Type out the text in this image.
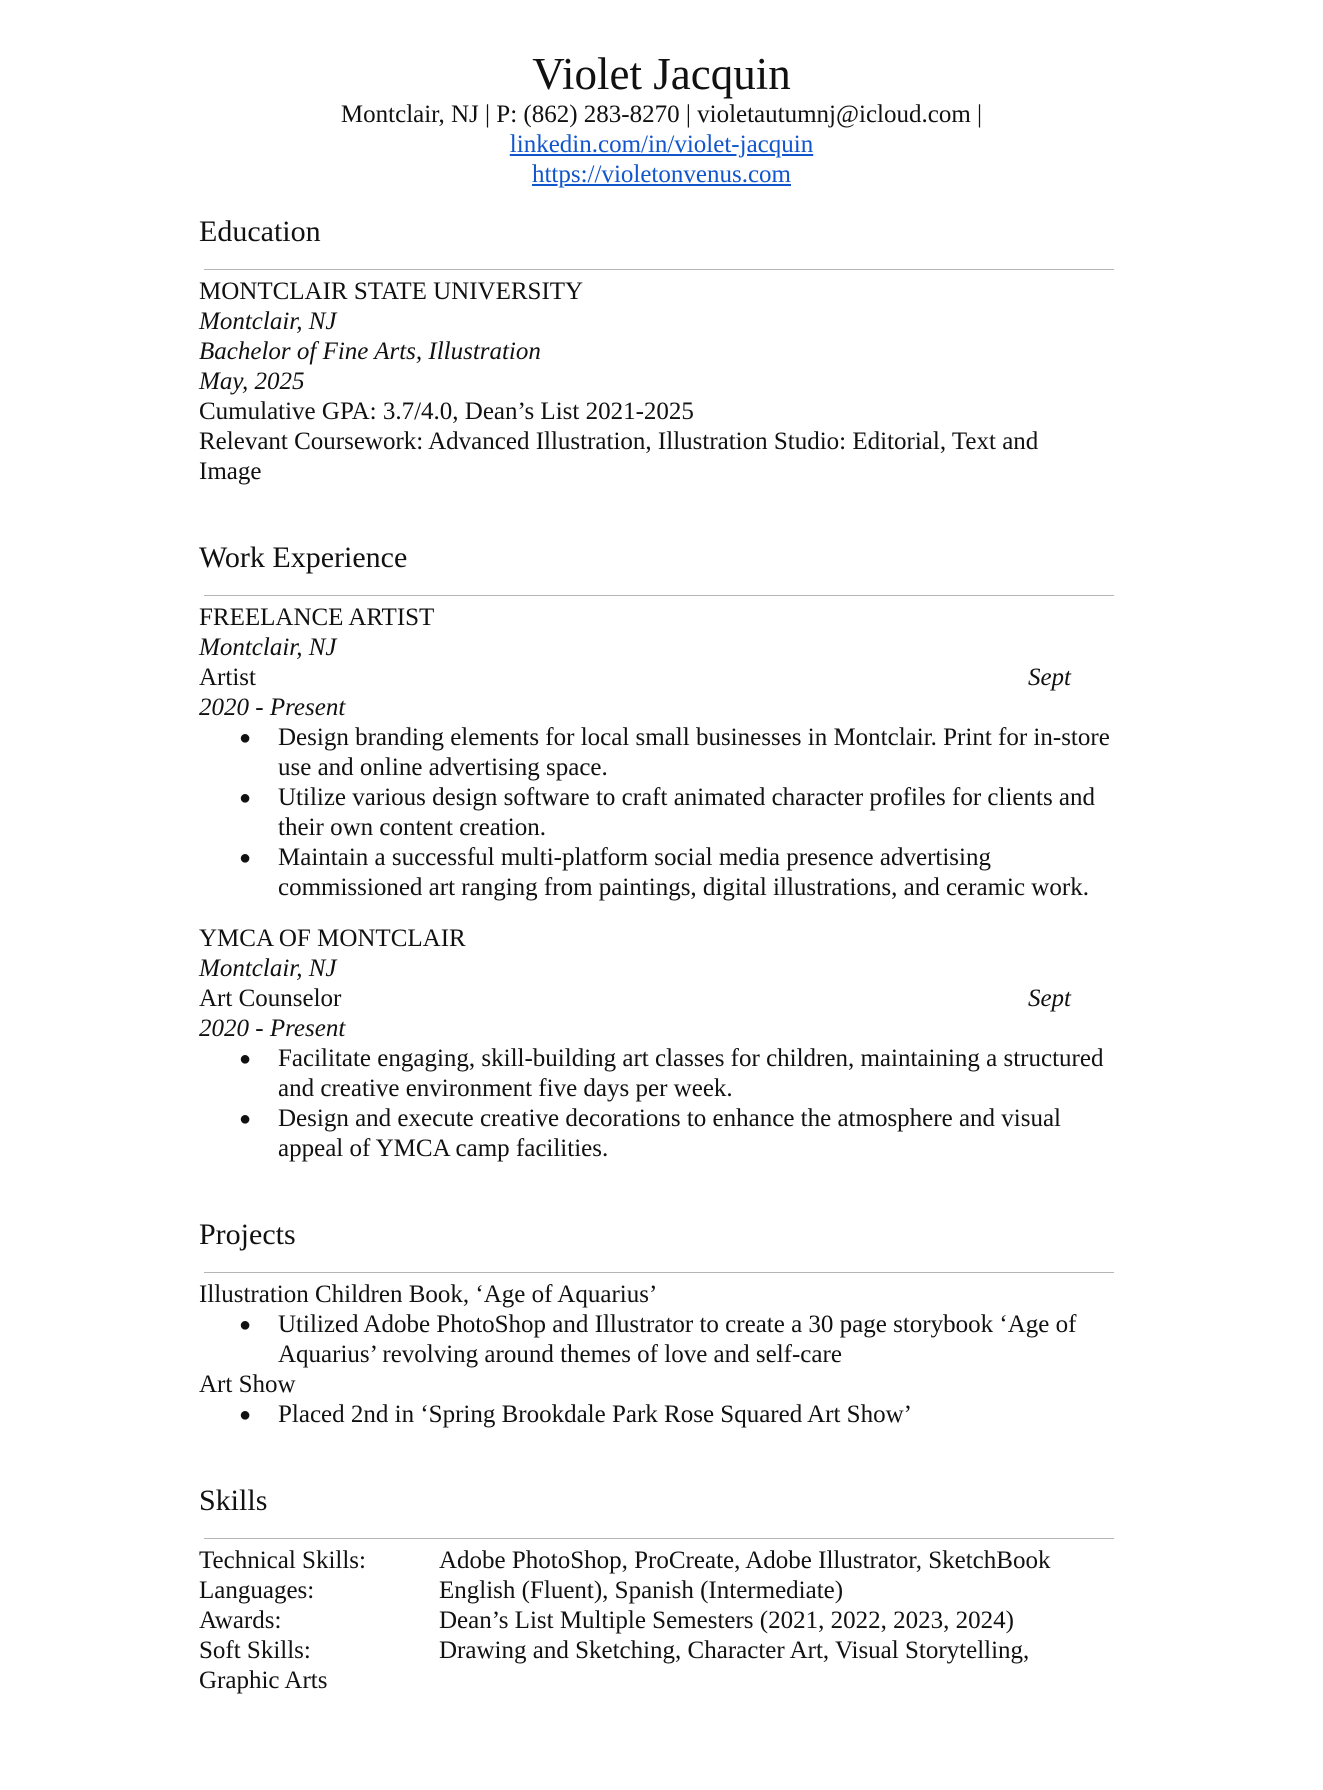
Violet Jacquin
Montclair, NJ | P: (862) 283-8270 | violetautumnj@icloud.com |
linkedin.com/in/violet-jacquin
https://violetonvenus.com
Education
MONTCLAIR STATE UNIVERSITY
Montclair, NJ
Bachelor of Fine Arts, Illustration
May, 2025
Cumulative GPA: 3.7/4.0, Dean’s List 2021-2025
Relevant Coursework: Advanced Illustration, Illustration Studio: Editorial, Text and
Image
Work Experience
FREELANCE ARTIST
Montclair, NJ
Artist	Sept
2020 - Present
● Design branding elements for local small businesses in Montclair. Print for in-store use and online advertising space.
● Utilize various design software to craft animated character profiles for clients and their own content creation.
● Maintain a successful multi-platform social media presence advertising commissioned art ranging from paintings, digital illustrations, and ceramic work.
YMCA OF MONTCLAIR
Montclair, NJ
Art Counselor	Sept
2020 - Present
● Facilitate engaging, skill-building art classes for children, maintaining a structured and creative environment five days per week.
● Design and execute creative decorations to enhance the atmosphere and visual appeal of YMCA camp facilities.
Projects
Illustration Children Book, ‘Age of Aquarius’
● Utilized Adobe PhotoShop and Illustrator to create a 30 page storybook ‘Age of Aquarius’ revolving around themes of love and self-care
Art Show
● Placed 2nd in ‘Spring Brookdale Park Rose Squared Art Show’
Skills
Technical Skills:	Adobe PhotoShop, ProCreate, Adobe Illustrator, SketchBook
Languages:	English (Fluent), Spanish (Intermediate)
Awards:	Dean’s List Multiple Semesters (2021, 2022, 2023, 2024)
Soft Skills:	Drawing and Sketching, Character Art, Visual Storytelling,
Graphic Arts
